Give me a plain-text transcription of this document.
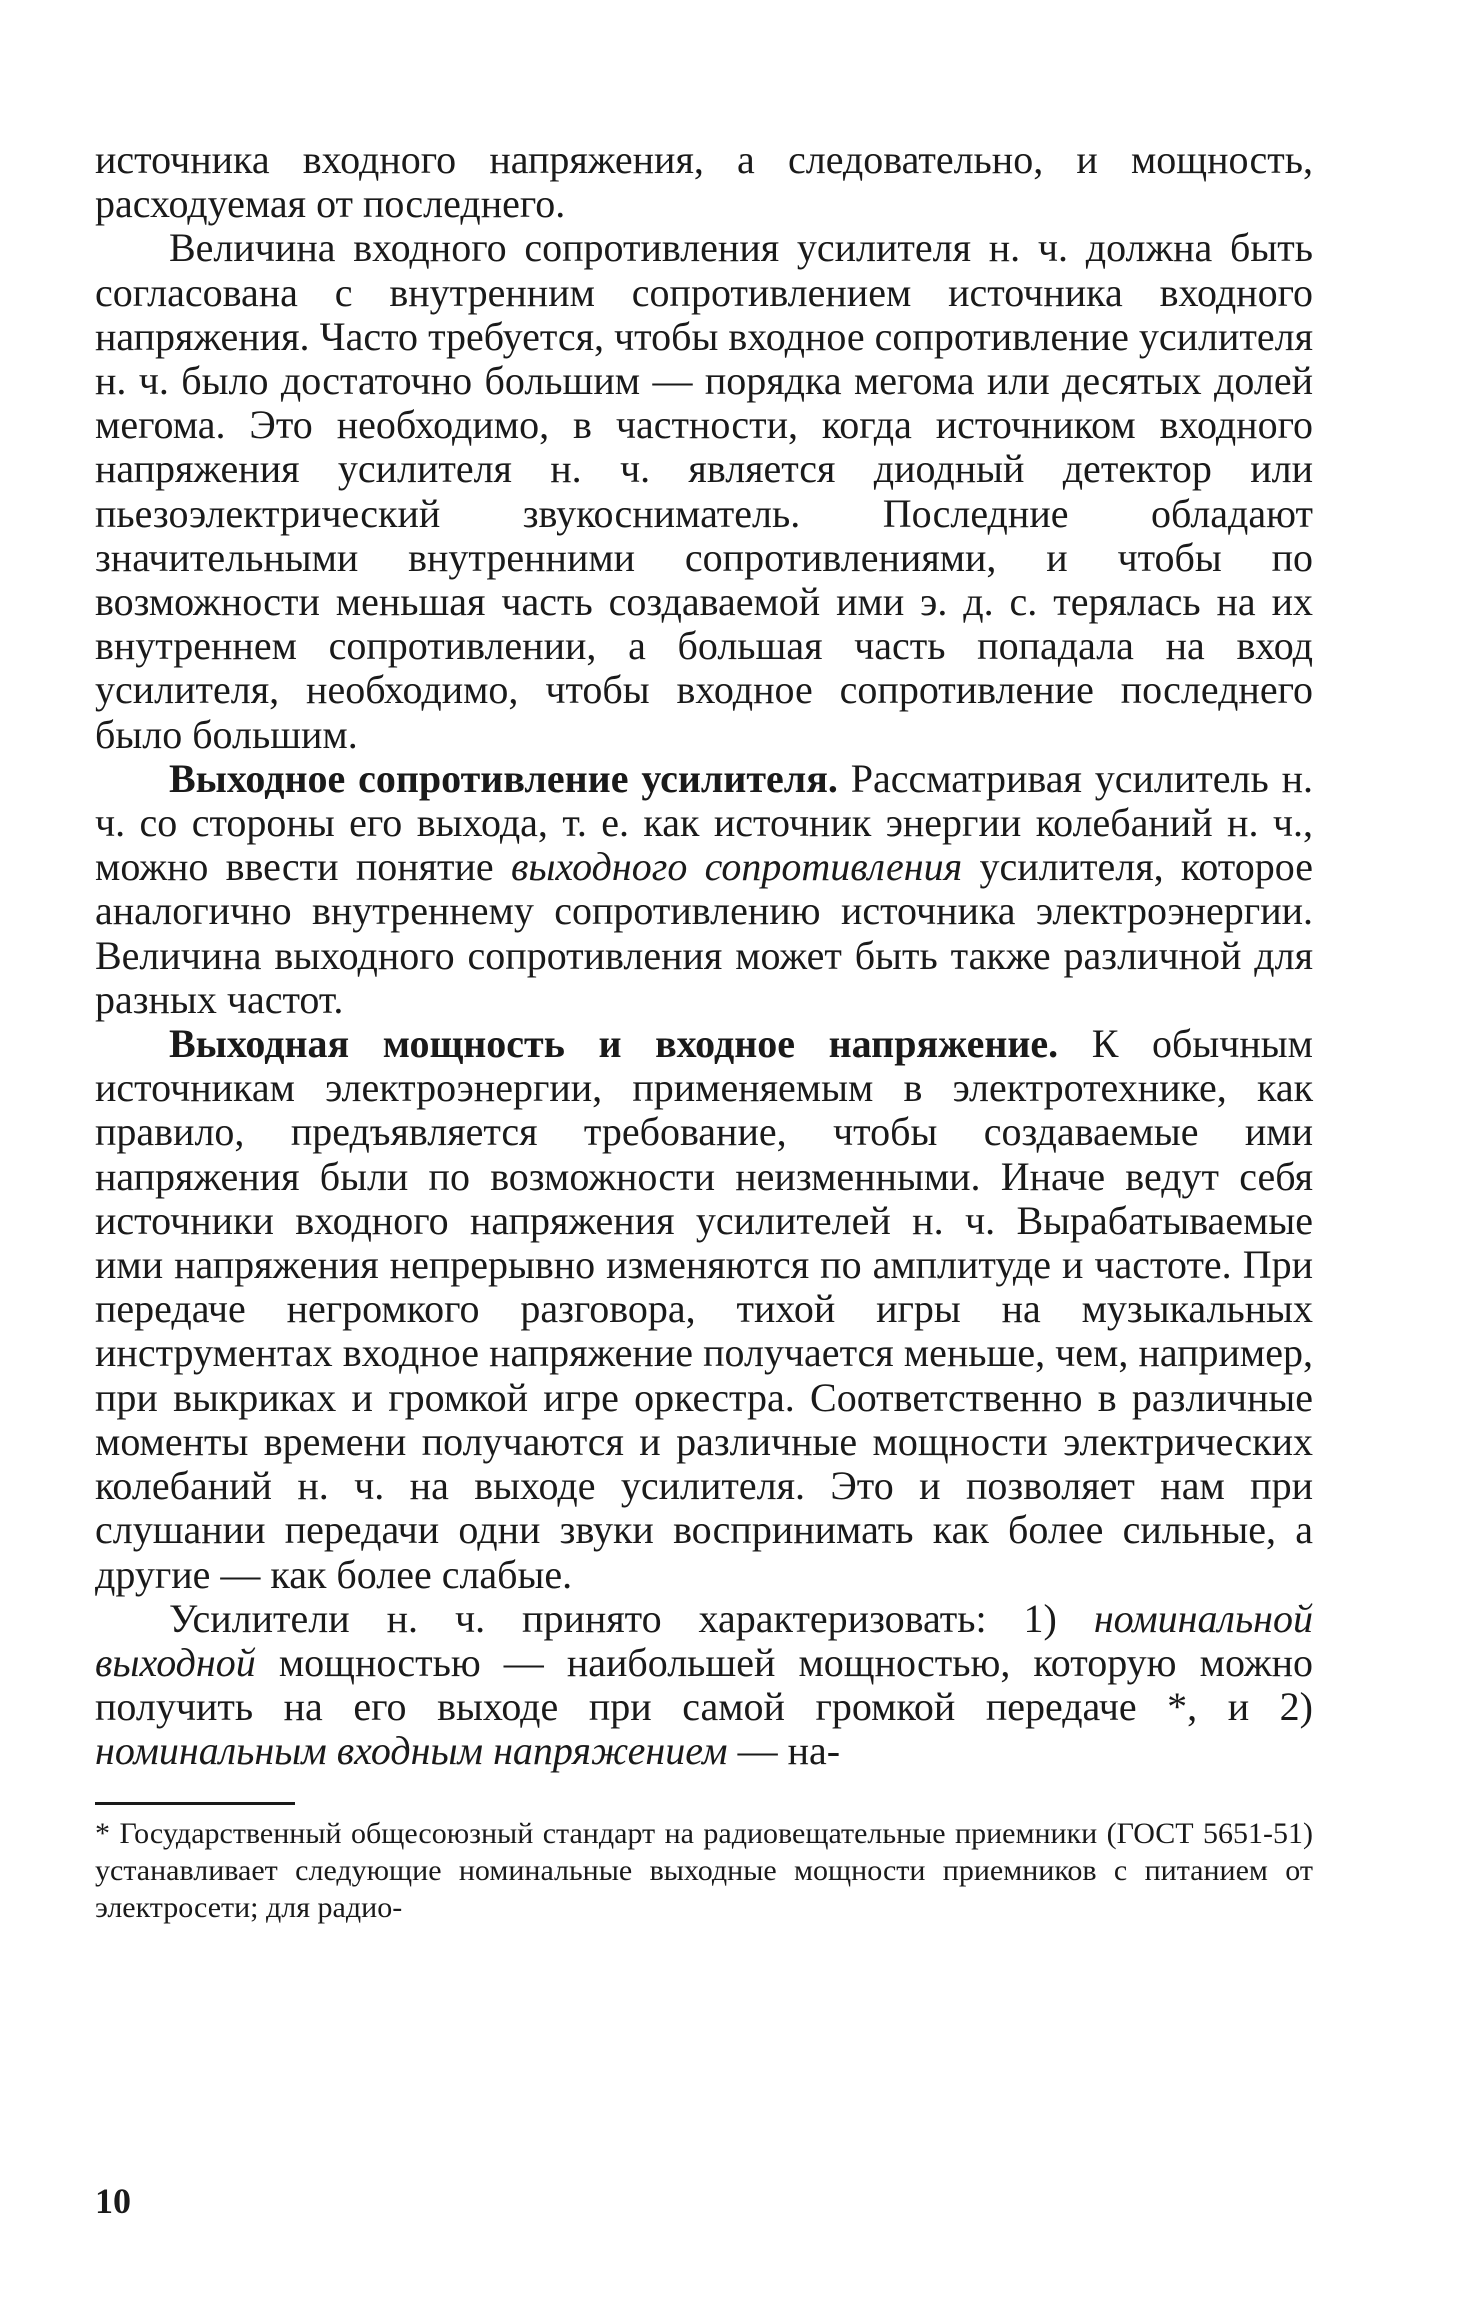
источника входного напряжения, а следовательно, и мощность, расходуемая от последнего.

Величина входного сопротивления усилителя н. ч. должна быть согласована с внутренним сопротивлением источника входного напряжения. Часто требуется, чтобы входное сопротивление усилителя н. ч. было достаточно большим — порядка мегома или десятых долей мегома. Это необходимо, в частности, когда источником входного напряжения усилителя н. ч. является диодный детектор или пьезоэлектрический звукосниматель. Последние обладают значительными внутренними сопротивлениями, и чтобы по возможности меньшая часть создаваемой ими э. д. с. терялась на их внутреннем сопротивлении, а большая часть попадала на вход усилителя, необходимо, чтобы входное сопротивление последнего было большим.

Выходное сопротивление усилителя. Рассматривая усилитель н. ч. со стороны его выхода, т. е. как источник энергии колебаний н. ч., можно ввести понятие выходного сопротивления усилителя, которое аналогично внутреннему сопротивлению источника электроэнергии. Величина выходного сопротивления может быть также различной для разных частот.

Выходная мощность и входное напряжение. К обычным источникам электроэнергии, применяемым в электротехнике, как правило, предъявляется требование, чтобы создаваемые ими напряжения были по возможности неизменными. Иначе ведут себя источники входного напряжения усилителей н. ч. Вырабатываемые ими напряжения непрерывно изменяются по амплитуде и частоте. При передаче негромкого разговора, тихой игры на музыкальных инструментах входное напряжение получается меньше, чем, например, при выкриках и громкой игре оркестра. Соответственно в различные моменты времени получаются и различные мощности электрических колебаний н. ч. на выходе усилителя. Это и позволяет нам при слушании передачи одни звуки воспринимать как более сильные, а другие — как более слабые.

Усилители н. ч. принято характеризовать: 1) номинальной выходной мощностью — наибольшей мощностью, которую можно получить на его выходе при самой громкой передаче *, и 2) номинальным входным напряжением — на-

* Государственный общесоюзный стандарт на радиовещательные приемники (ГОСТ 5651-51) устанавливает следующие номинальные выходные мощности приемников с питанием от электросети; для радио-

10
